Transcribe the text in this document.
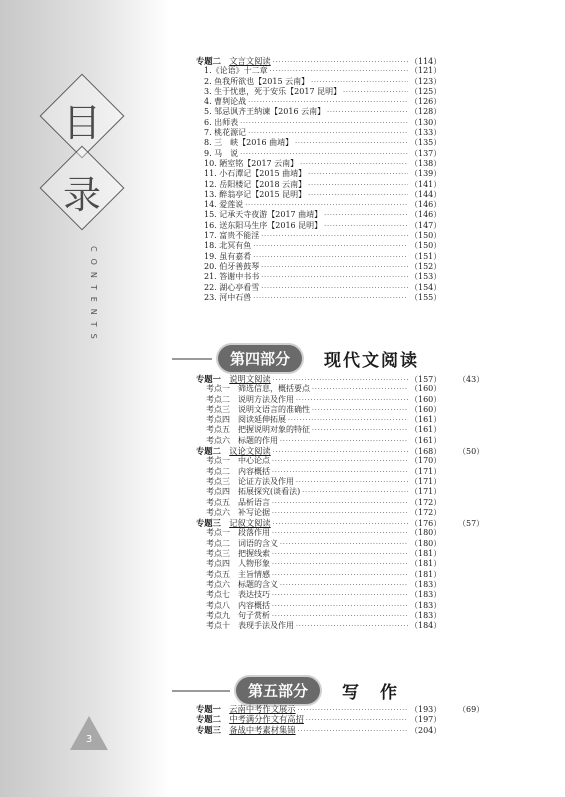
目
录
CONTENTS
3
专题二　 文言文阅读 ·····	（114）
1.《论语》十二章 ·····	（121）
2. 鱼我所欲也【2015 云南】 ·····	（123）
3. 生于忧患，死于安乐【2017 昆明】 ·····	（125）
4. 曹刿论战 ·····	（126）
5. 邹忌讽齐王纳谏【2016 云南】 ·····	（128）
6. 出师表 ·····	（130）
7. 桃花源记 ·····	（133）
8. 三　峡【2016 曲靖】 ·····	（135）
9. 马　说 ·····	（137）
10. 陋室铭【2017 云南】 ·····	（138）
11. 小石潭记【2015 曲靖】 ·····	（139）
12. 岳阳楼记【2018 云南】 ·····	（141）
13. 醉翁亭记【2015 昆明】 ·····	（144）
14. 爱莲说 ·····	（146）
15. 记承天寺夜游【2017 曲靖】 ·····	（146）
16. 送东阳马生序【2016 昆明】 ·····	（147）
17. 富贵不能淫 ·····	（150）
18. 北冥有鱼 ·····	（150）
19. 虽有嘉肴 ·····	（151）
20. 伯牙善鼓琴 ·····	（152）
21. 答谢中书书 ·····	（153）
22. 湖心亭看雪 ·····	（154）
23. 河中石兽 ·····	（155）
第四部分	现代文阅读
专题一　 说明文阅读 ·····	（157）	（43）
考点一　筛选信息，概括要点 ·····	（160）
考点二　说明方法及作用 ·····	（160）
考点三　说明文语言的准确性 ·····	（160）
考点四　阅读延伸拓展 ·····	（161）
考点五　把握说明对象的特征 ·····	（161）
考点六　标题的作用 ·····	（161）
专题二　 议论文阅读 ·····	（168）	（50）
考点一　中心论点 ·····	（170）
考点二　内容概括 ·····	（171）
考点三　论证方法及作用 ·····	（171）
考点四　拓展探究(谈看法) ·····	（171）
考点五　品析语言 ·····	（172）
考点六　补写论据 ·····	（172）
专题三　 记叙文阅读 ·····	（176）	（57）
考点一　段落作用 ·····	（180）
考点二　词语的含义 ·····	（180）
考点三　把握线索 ·····	（181）
考点四　人物形象 ·····	（181）
考点五　主旨情感 ·····	（181）
考点六　标题的含义 ·····	（183）
考点七　表达技巧 ·····	（183）
考点八　内容概括 ·····	（183）
考点九　句子赏析 ·····	（183）
考点十　表现手法及作用 ·····	（184）
第五部分	写　作
专题一　 云南中考作文展示 ·····	（193）	（69）
专题二　 中考满分作文有高招 ·····	（197）
专题三　 备战中考素材集锦 ·····	（204）
